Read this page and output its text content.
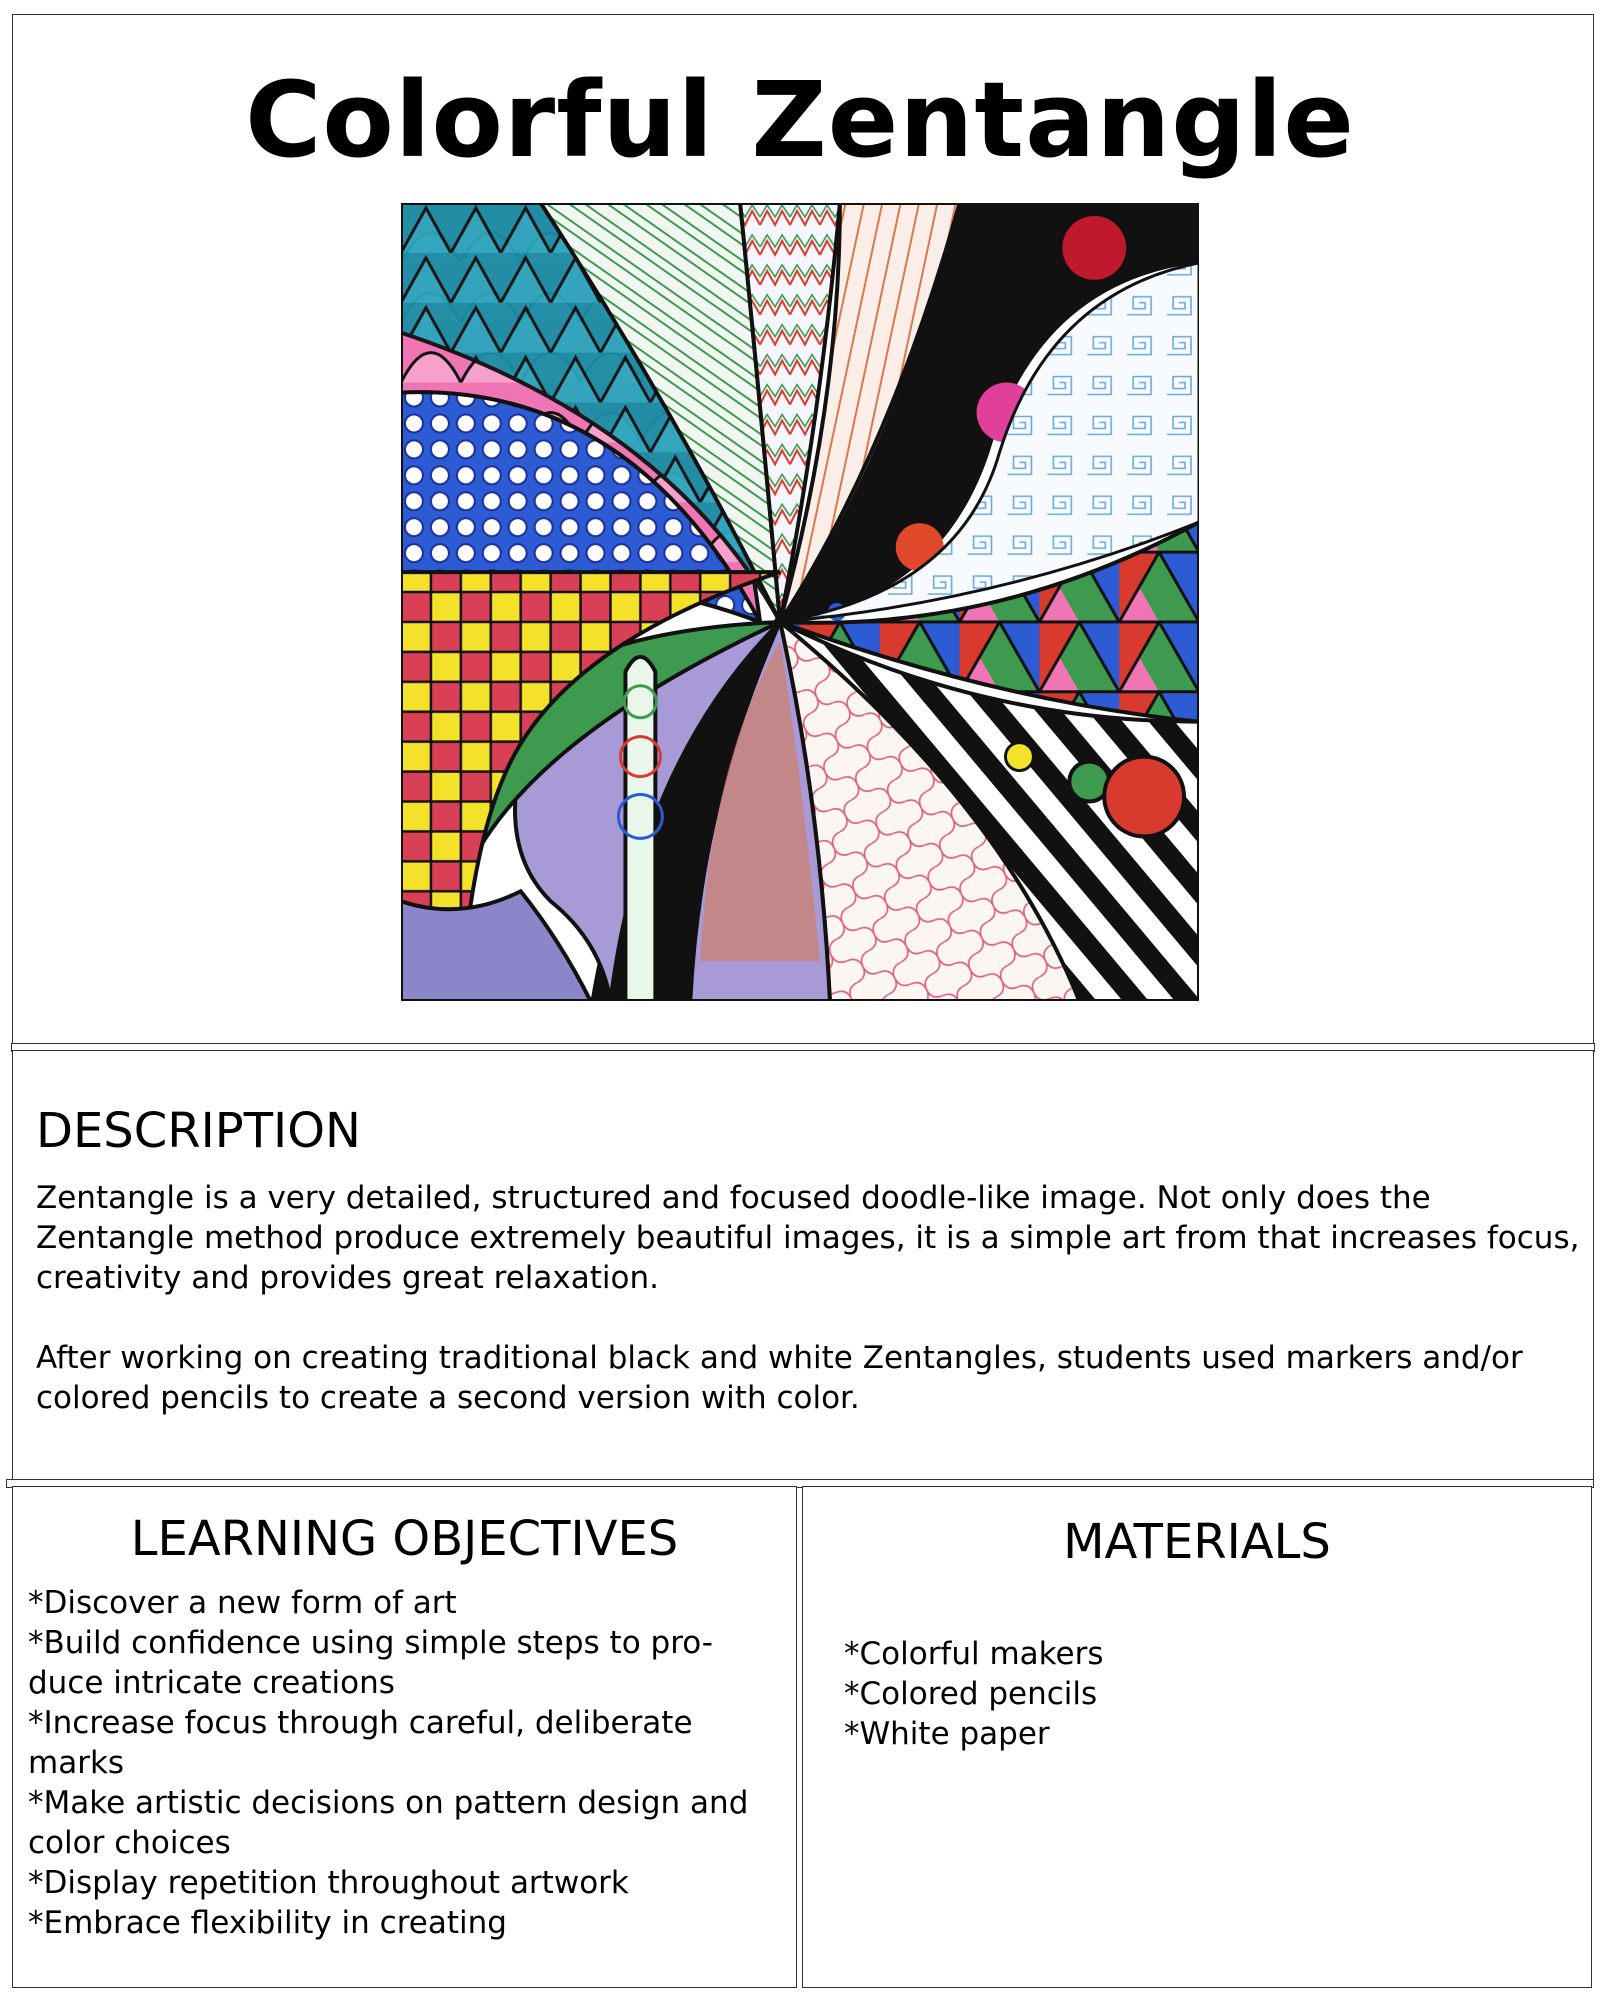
Colorful Zentangle
DESCRIPTION

Zentangle is a very detailed, structured and focused doodle-like image. Not only does the Zentangle method produce extremely beautiful images, it is a simple art from that increases focus, creativity and provides great relaxation.

After working on creating traditional black and white Zentangles, students used markers and/or colored pencils to create a second version with color.

LEARNING OBJECTIVES
*Discover a new form of art
*Build confidence using simple steps to pro-duce intricate creations
*Increase focus through careful, deliberate marks
*Make artistic decisions on pattern design and color choices
*Display repetition throughout artwork
*Embrace flexibility in creating
MATERIALS
*Colorful makers
*Colored pencils
*White paper
